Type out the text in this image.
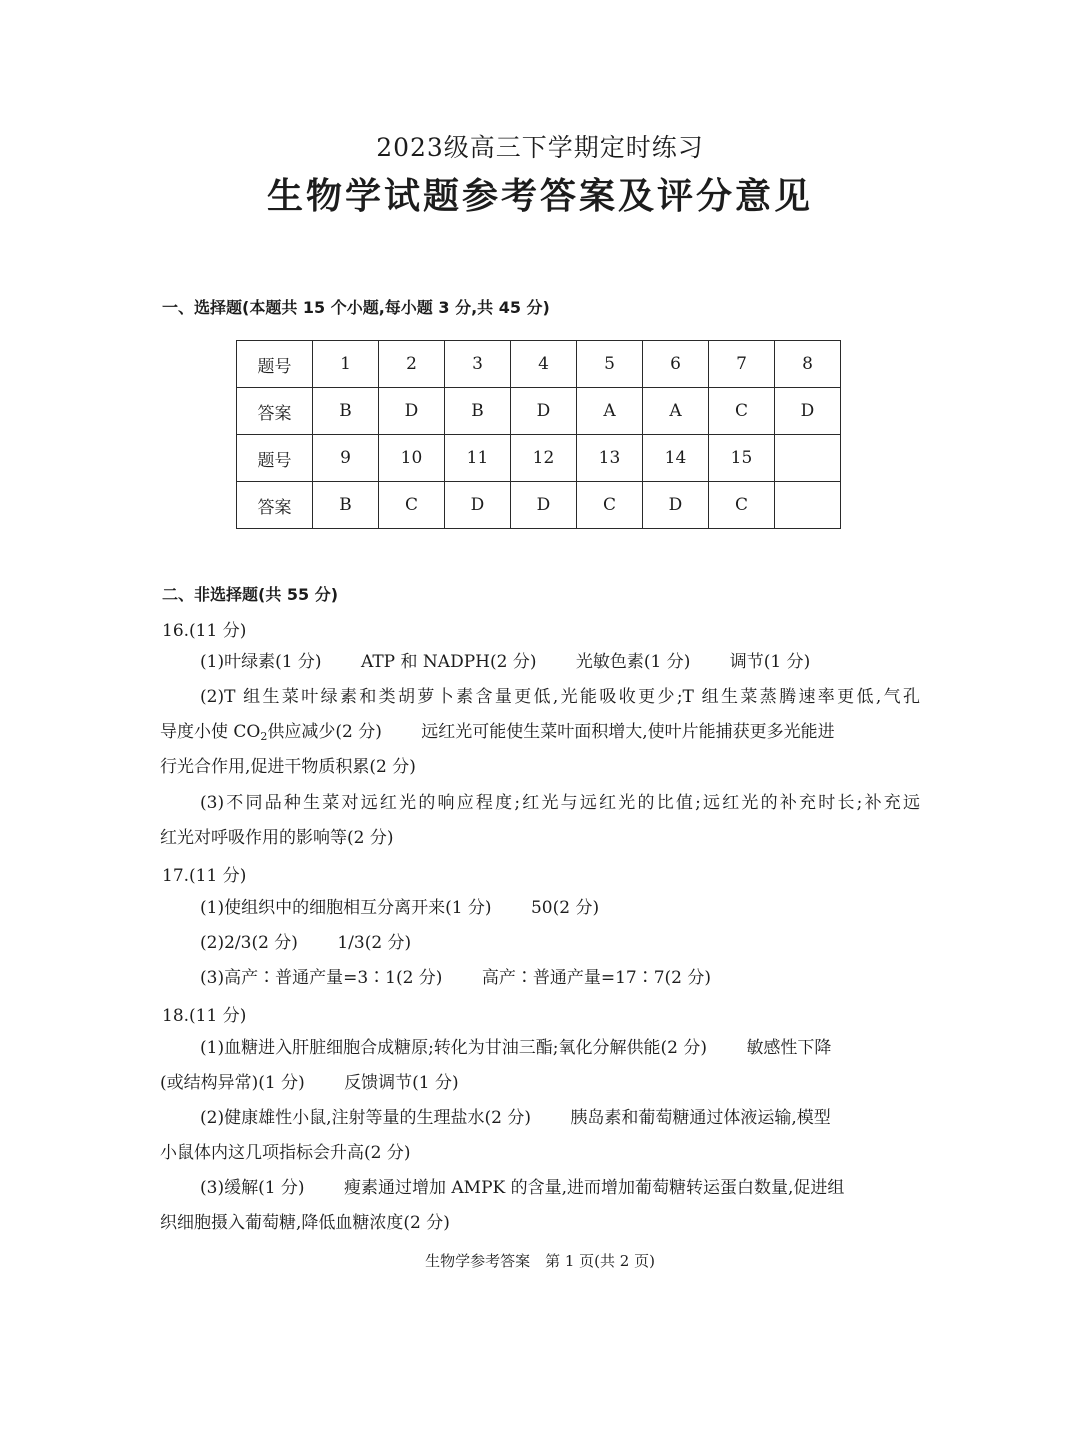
2023级高三下学期定时练习
生物学试题参考答案及评分意见
一、选择题(本题共 15 个小题,每小题 3 分,共 45 分)
题号	1	2	3	4	5	6	7	8
答案	B	D	B	D	A	A	C	D
题号	9	10	11	12	13	14	15	
答案	B	C	D	D	C	D	C	
二、非选择题(共 55 分)
16.(11 分)
(1)叶绿素(1 分) ATP 和 NADPH(2 分) 光敏色素(1 分) 调节(1 分)
(2)T 组生菜叶绿素和类胡萝卜素含量更低,光能吸收更少;T 组生菜蒸腾速率更低,气孔
导度小使 $CO_2$供应减少(2 分) 远红光可能使生菜叶面积增大,使叶片能捕获更多光能进
行光合作用,促进干物质积累(2 分)
(3)不同品种生菜对远红光的响应程度;红光与远红光的比值;远红光的补充时长;补充远
红光对呼吸作用的影响等(2 分)
17.(11 分)
(1)使组织中的细胞相互分离开来(1 分) 50(2 分)
(2)2/3(2 分) 1/3(2 分)
(3)高产∶普通产量=3∶1(2 分) 高产∶普通产量=17∶7(2 分)
18.(11 分)
(1)血糖进入肝脏细胞合成糖原;转化为甘油三酯;氧化分解供能(2 分) 敏感性下降
(或结构异常)(1 分) 反馈调节(1 分)
(2)健康雄性小鼠,注射等量的生理盐水(2 分) 胰岛素和葡萄糖通过体液运输,模型
小鼠体内这几项指标会升高(2 分)
(3)缓解(1 分) 瘦素通过增加 AMPK 的含量,进而增加葡萄糖转运蛋白数量,促进组
织细胞摄入葡萄糖,降低血糖浓度(2 分)
生物学参考答案　第 1 页(共 2 页)
